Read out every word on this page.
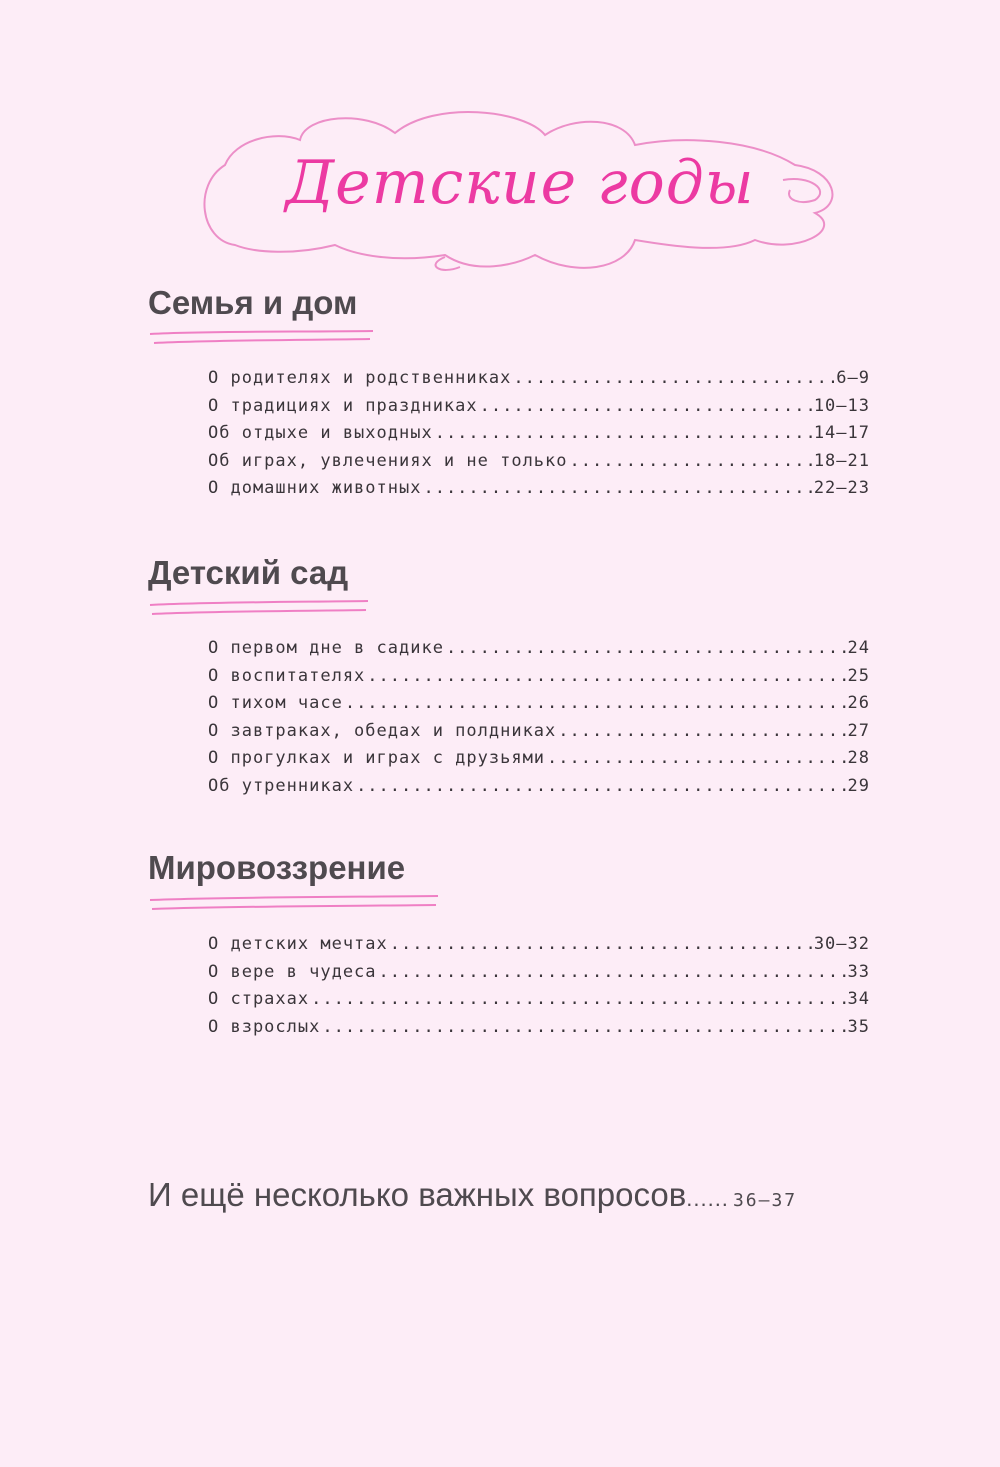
Детские годы
Семья и дом
О родителях и родственниках .....	6–9
О традициях и праздниках .....	10–13
Об отдыхе и выходных .....	14–17
Об играх, увлечениях и не только .....	18–21
О домашних животных .....	22–23
Детский сад
О первом дне в садике .....	24
О воспитателях .....	25
О тихом часе .....	26
О завтраках, обедах и полдниках .....	27
О прогулках и играх с друзьями .....	28
Об утренниках .....	29
Мировоззрение
О детских мечтах .....	30–32
О вере в чудеса .....	33
О страхах .....	34
О взрослых .....	35
И ещё несколько важных вопросов ...... 36–37
